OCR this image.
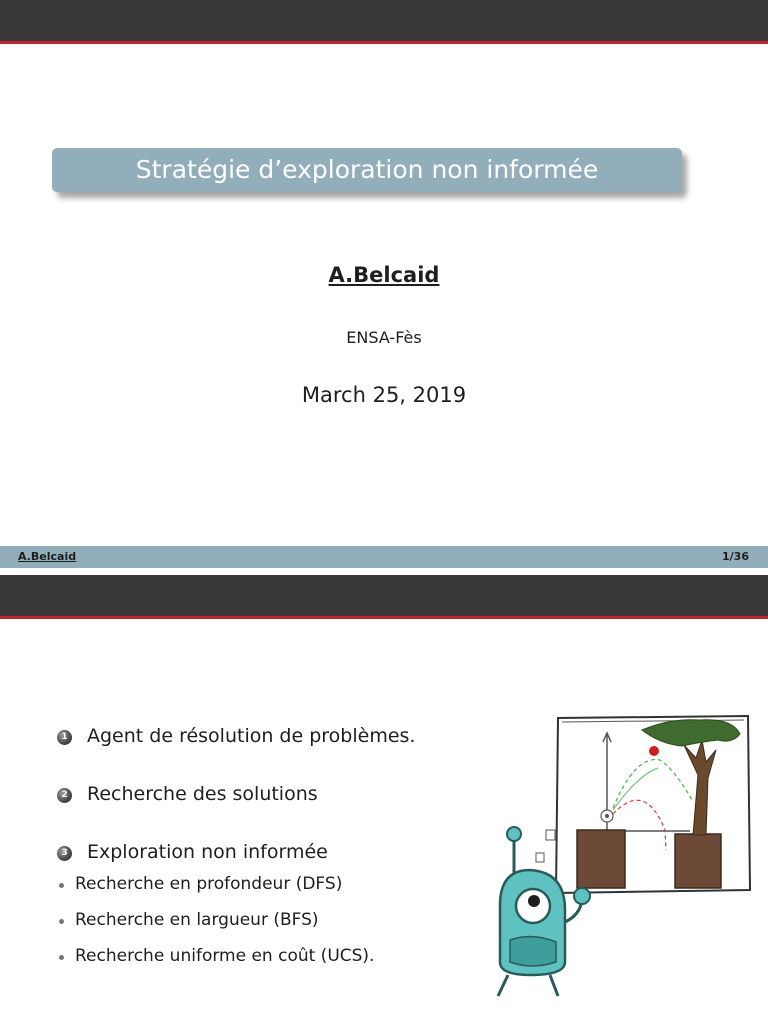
Stratégie d’exploration non informée
A.Belcaid
ENSA-Fès
March 25, 2019
A.Belcaid	1/36
1 Agent de résolution de problèmes.
2 Recherche des solutions
3 Exploration non informée
Recherche en profondeur (DFS)
Recherche en largueur (BFS)
Recherche uniforme en coût (UCS).
